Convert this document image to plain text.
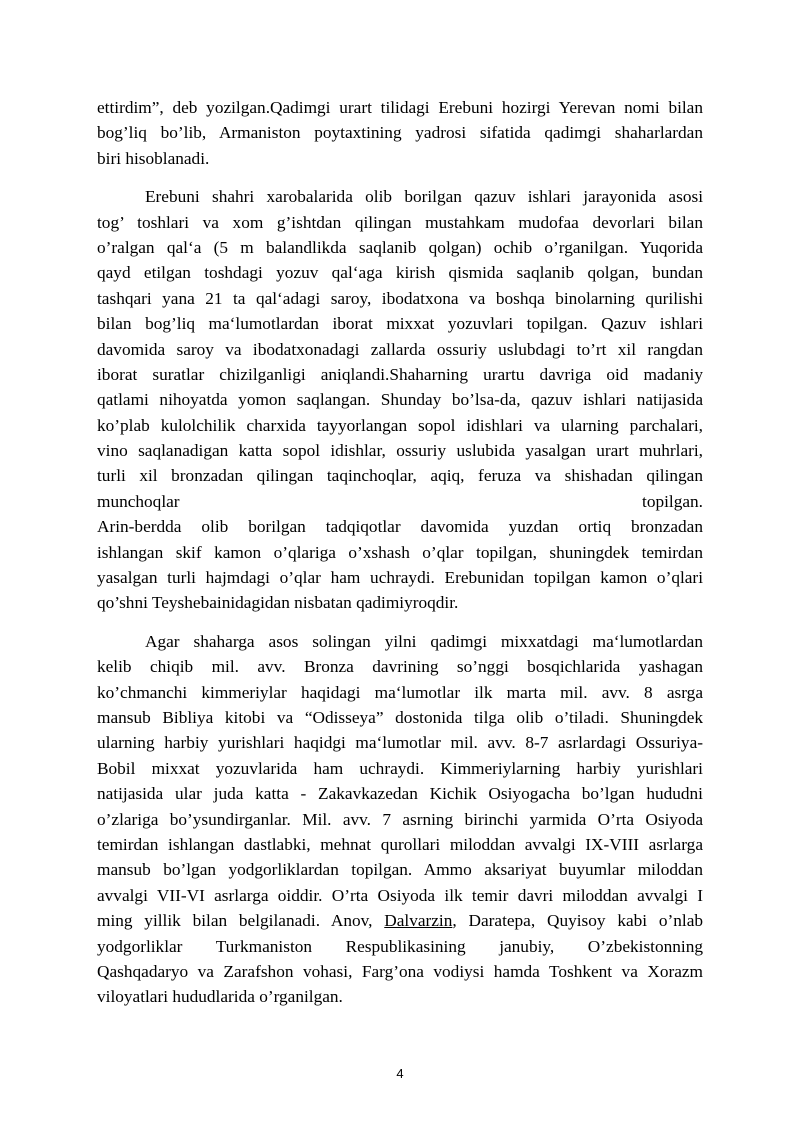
ettirdim”, deb yozilgan.Qadimgi urart tilidagi Erebuni hozirgi Yerevan nomi bilan
bog’liq bo’lib, Armaniston poytaxtining yadrosi sifatida qadimgi shaharlardan
biri hisoblanadi.
Erebuni shahri xarobalarida olib borilgan qazuv ishlari jarayonida asosi
tog’ toshlari va xom g’ishtdan qilingan mustahkam mudofaa devorlari bilan
o’ralgan qal‘a (5 m balandlikda saqlanib qolgan) ochib o’rganilgan. Yuqorida
qayd etilgan toshdagi yozuv qal‘aga kirish qismida saqlanib qolgan, bundan
tashqari yana 21 ta qal‘adagi saroy, ibodatxona va boshqa binolarning qurilishi
bilan bog’liq ma‘lumotlardan iborat mixxat yozuvlari topilgan. Qazuv ishlari
davomida saroy va ibodatxonadagi zallarda ossuriy uslubdagi to’rt xil rangdan
iborat suratlar chizilganligi aniqlandi.Shaharning urartu davriga oid madaniy
qatlami nihoyatda yomon saqlangan. Shunday bo’lsa-da, qazuv ishlari natijasida
ko’plab kulolchilik charxida tayyorlangan sopol idishlari va ularning parchalari,
vino saqlanadigan katta sopol idishlar, ossuriy uslubida yasalgan urart muhrlari,
turli xil bronzadan qilingan taqinchoqlar, aqiq, feruza va shishadan qilingan
munchoqlar topilgan.
Arin-berdda olib borilgan tadqiqotlar davomida yuzdan ortiq bronzadan
ishlangan skif kamon o’qlariga o’xshash o’qlar topilgan, shuningdek temirdan
yasalgan turli hajmdagi o’qlar ham uchraydi. Erebunidan topilgan kamon o’qlari
qo’shni Teyshebainidagidan nisbatan qadimiyroqdir.
Agar shaharga asos solingan yilni qadimgi mixxatdagi ma‘lumotlardan
kelib chiqib mil. avv. Bronza davrining so’nggi bosqichlarida yashagan
ko’chmanchi kimmeriylar haqidagi ma‘lumotlar ilk marta mil. avv. 8 asrga
mansub Bibliya kitobi va “Odisseya” dostonida tilga olib o’tiladi. Shuningdek
ularning harbiy yurishlari haqidgi ma‘lumotlar mil. avv. 8-7 asrlardagi Ossuriya-
Bobil mixxat yozuvlarida ham uchraydi. Kimmeriylarning harbiy yurishlari
natijasida ular juda katta - Zakavkazedan Kichik Osiyogacha bo’lgan hududni
o’zlariga bo’ysundirganlar. Mil. avv. 7 asrning birinchi yarmida O’rta Osiyoda
temirdan ishlangan dastlabki, mehnat qurollari miloddan avvalgi IX-VIII asrlarga
mansub bo’lgan yodgorliklardan topilgan. Ammo aksariyat buyumlar miloddan
avvalgi VII-VI asrlarga oiddir. O’rta Osiyoda ilk temir davri miloddan avvalgi I
ming yillik bilan belgilanadi. Anov, Dalvarzin, Daratepa, Quyisoy kabi o’nlab
yodgorliklar Turkmaniston Respublikasining janubiy, O’zbekistonning
Qashqadaryo va Zarafshon vohasi, Farg’ona vodiysi hamda Toshkent va Xorazm
viloyatlari hududlarida o’rganilgan.
4
